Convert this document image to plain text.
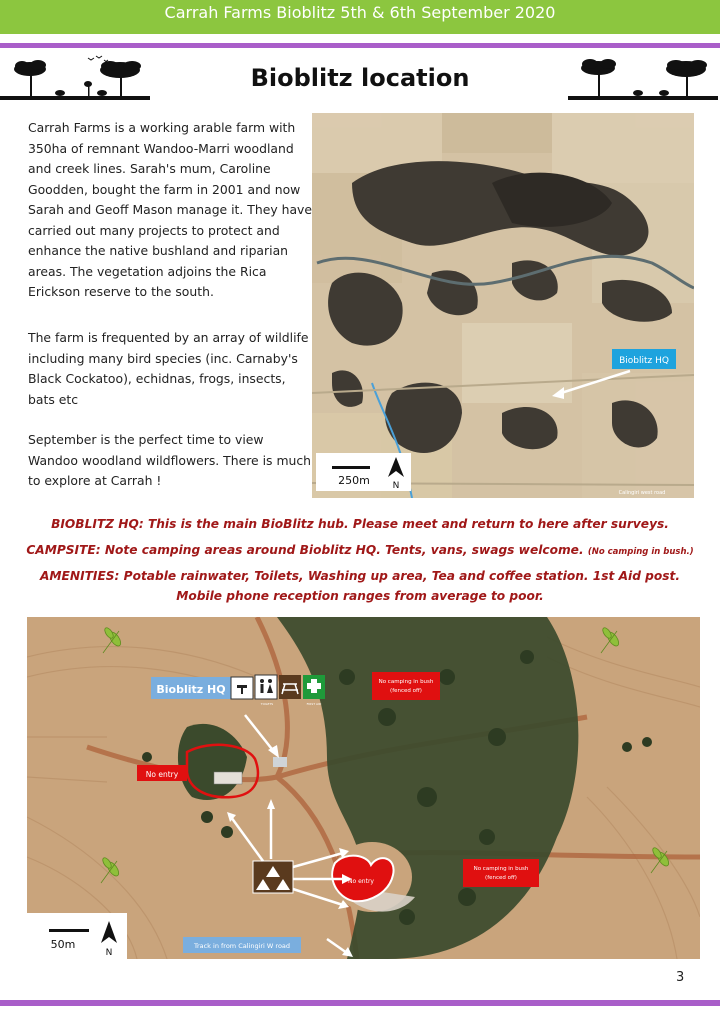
Carrah Farms Bioblitz 5th & 6th September 2020
Bioblitz location

Carrah Farms is a working arable farm with 350ha of remnant Wandoo-Marri woodland and creek lines. Sarah's mum, Caroline Goodden, bought the farm in 2001 and now Sarah and Geoff Mason manage it. They have carried out many projects to protect and enhance the native bushland and riparian areas. The vegetation adjoins the Rica Erickson reserve to the south.

The farm is frequented by an array of wildlife including many bird species (inc. Carnaby's Black Cockatoo), echidnas, frogs, insects, bats etc

September is the perfect time to view Wandoo woodland wildflowers. There is much to explore at Carrah !

Bioblitz HQ
250m	N
Calingiri west road
BIOBLITZ HQ: This is the main BioBlitz hub. Please meet and return to here after surveys.
CAMPSITE: Note camping areas around Bioblitz HQ. Tents, vans, swags welcome. (No camping in bush.)
AMENITIES: Potable rainwater, Toilets, Washing up area, Tea and coffee station. 1st Aid post. Mobile phone reception ranges from average to poor.
Bioblitz HQ
TOILETS	FIRST AID
No camping in bush
(fenced off)
No camping in bush
(fenced off)
No entry
No entry
Track in from Calingiri W road
50m
N
3
